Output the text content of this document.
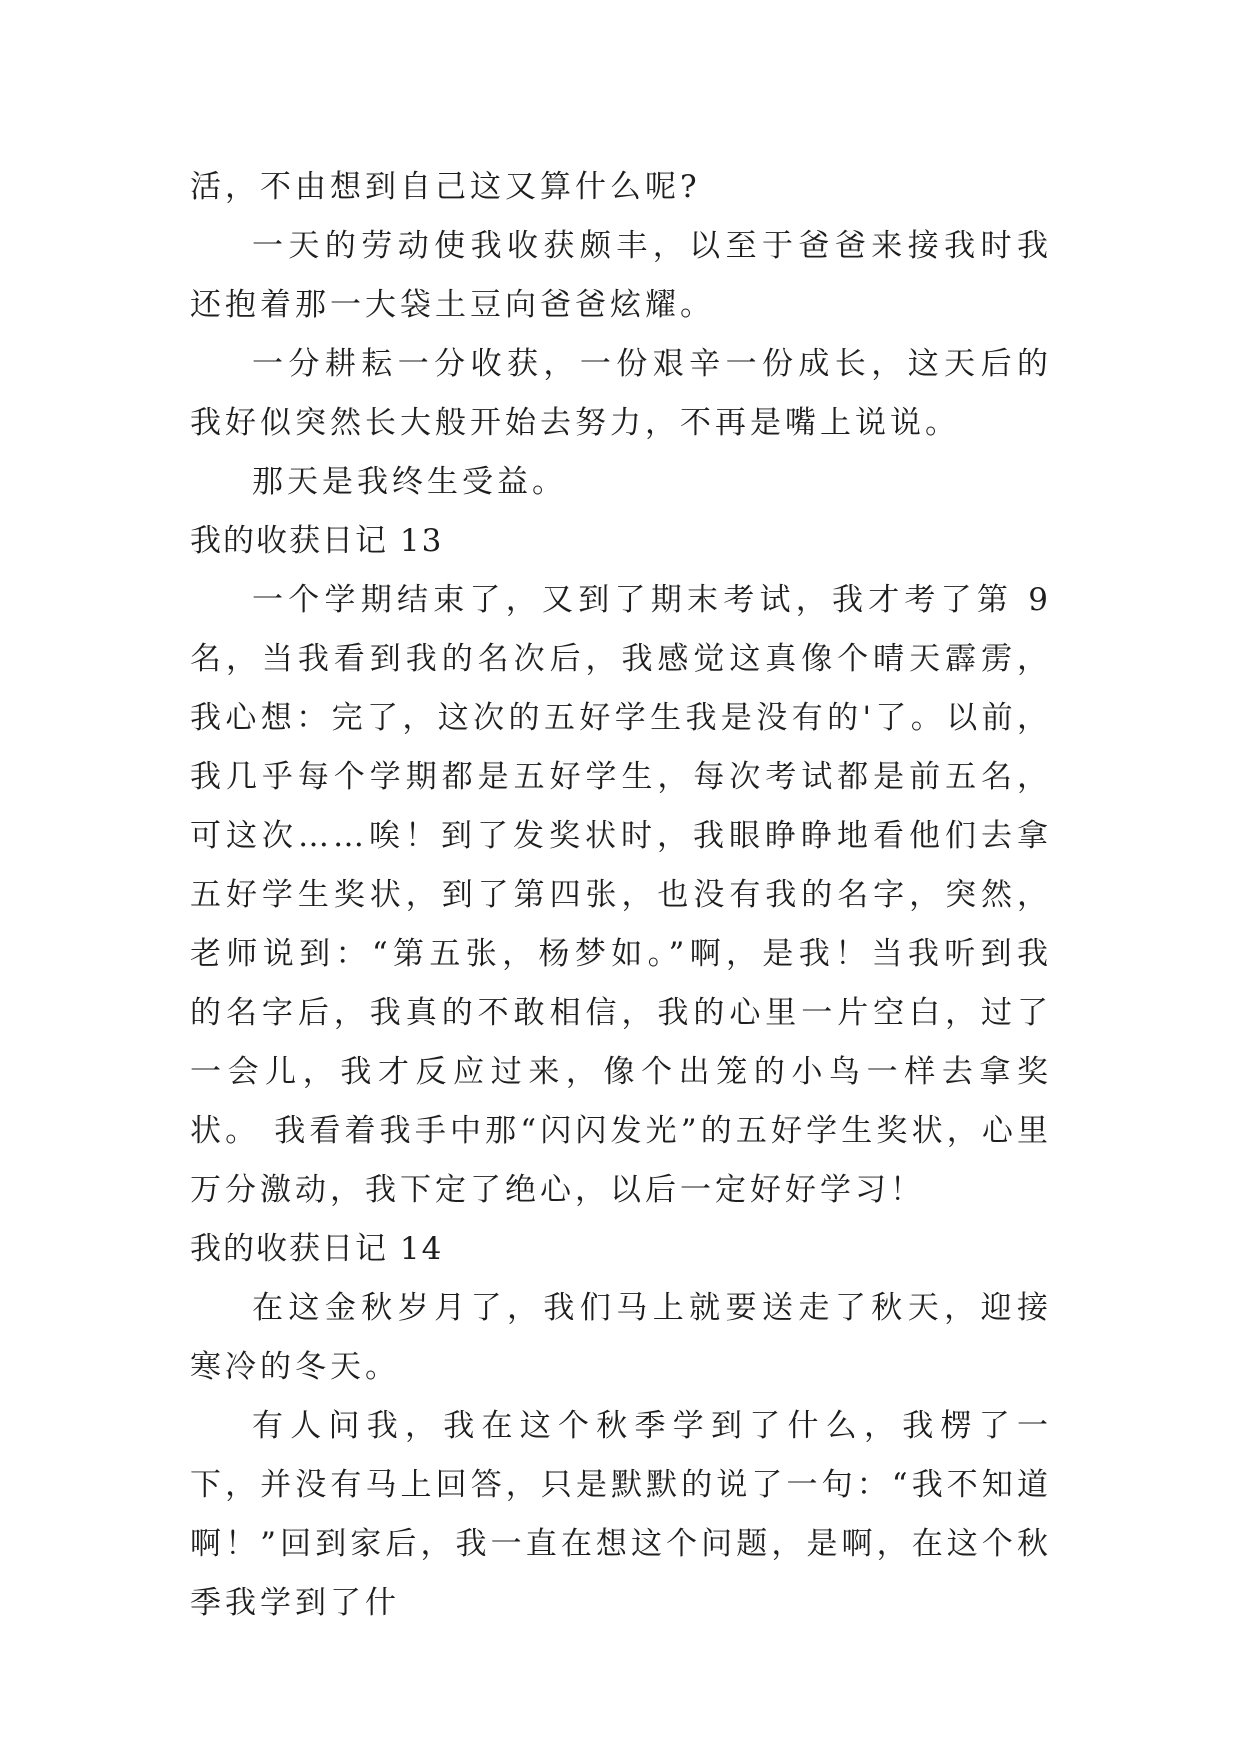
活，不由想到自己这又算什么呢?

一天的劳动使我收获颇丰，以至于爸爸来接我时我还抱着那一大袋土豆向爸爸炫耀。

一分耕耘一分收获，一份艰辛一份成长，这天后的我好似突然长大般开始去努力，不再是嘴上说说。

那天是我终生受益。

我的收获日记 13

一个学期结束了，又到了期末考试，我才考了第 9 名，当我看到我的名次后，我感觉这真像个晴天霹雳，我心想：完了，这次的五好学生我是没有的'了。以前，我几乎每个学期都是五好学生，每次考试都是前五名，可这次……唉！到了发奖状时，我眼睁睁地看他们去拿五好学生奖状，到了第四张，也没有我的名字，突然，老师说到：“第五张，杨梦如。”啊，是我！当我听到我的名字后，我真的不敢相信，我的心里一片空白，过了一会儿，我才反应过来，像个出笼的小鸟一样去拿奖状。 我看着我手中那“闪闪发光”的五好学生奖状，心里万分激动，我下定了绝心，以后一定好好学习！

我的收获日记 14

在这金秋岁月了，我们马上就要送走了秋天，迎接寒冷的冬天。

有人问我，我在这个秋季学到了什么，我楞了一下，并没有马上回答，只是默默的说了一句：“我不知道啊！”回到家后，我一直在想这个问题，是啊，在这个秋季我学到了什
